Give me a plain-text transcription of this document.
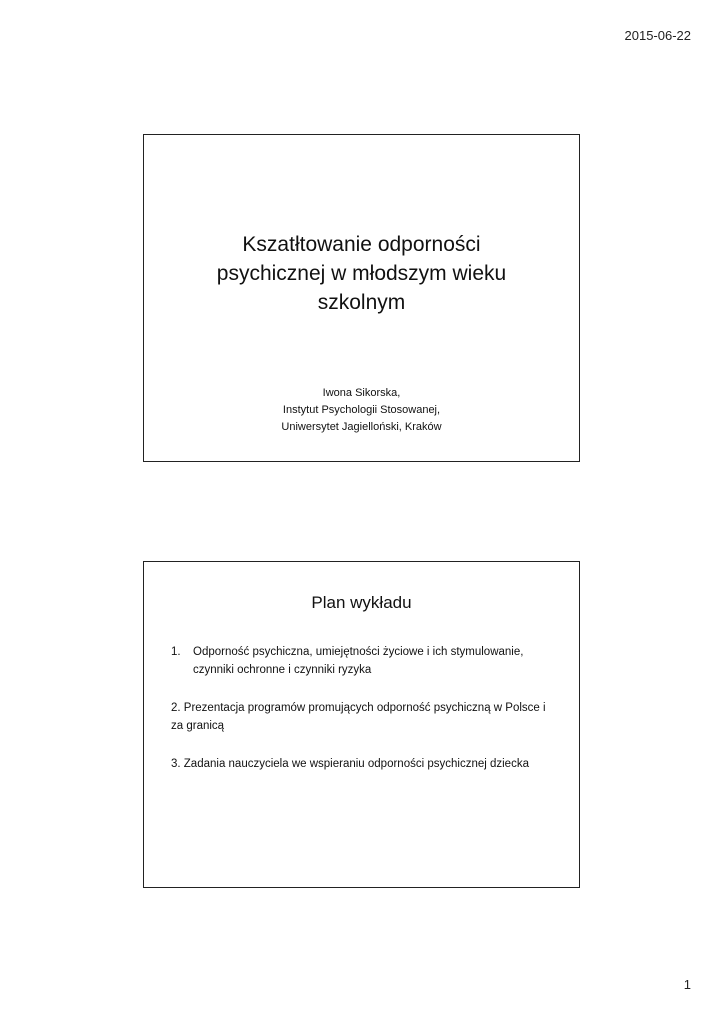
2015-06-22
Kszatłtowanie odporności
psychicznej w młodszym wieku
szkolnym
Iwona Sikorska,
Instytut Psychologii Stosowanej,
Uniwersytet Jagielloński, Kraków
Plan wykładu
1.	Odporność psychiczna, umiejętności życiowe i ich stymulowanie, czynniki ochronne i czynniki ryzyka
2. Prezentacja programów promujących odporność psychiczną w Polsce i za granicą
3. Zadania nauczyciela we wspieraniu odporności psychicznej dziecka
1
